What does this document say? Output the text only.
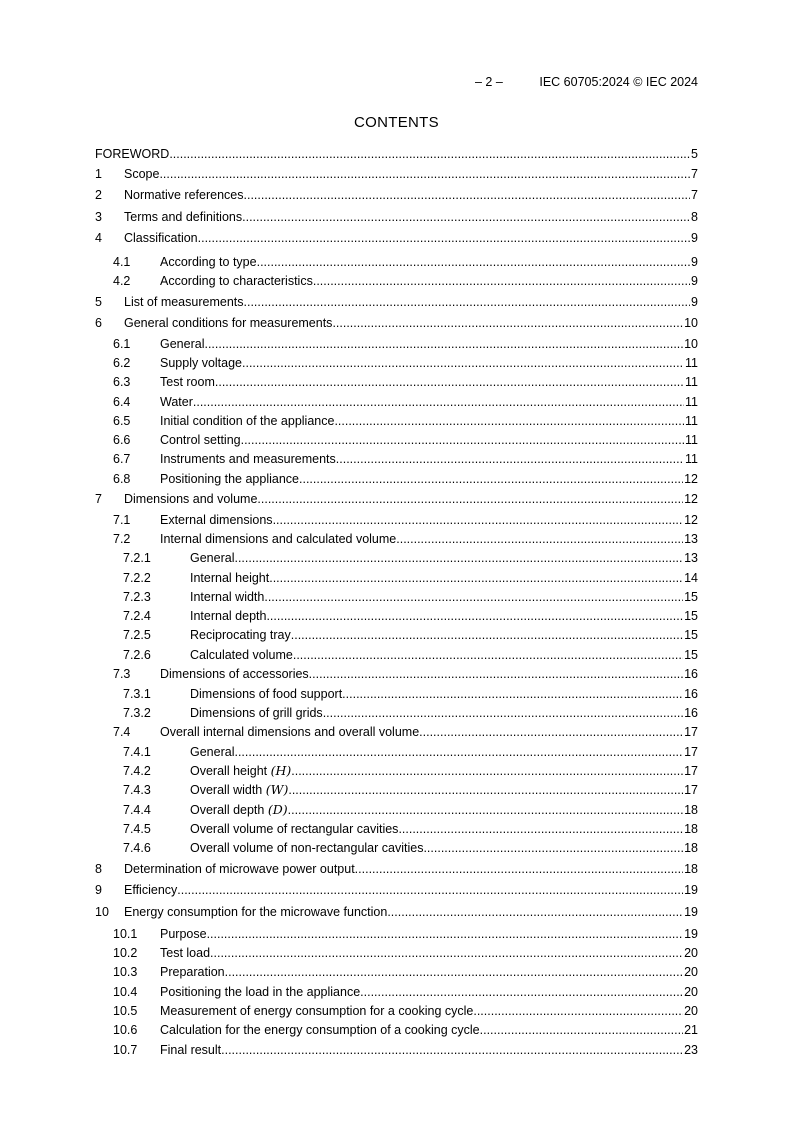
– 2 –	IEC 60705:2024 © IEC 2024
CONTENTS
FOREWORD .....	5
1 Scope .....	7
2 Normative references .....	7
3 Terms and definitions .....	8
4 Classification .....	9
4.1 According to type .....	9
4.2 According to characteristics .....	9
5 List of measurements .....	9
6 General conditions for measurements .....	10
6.1 General .....	10
6.2 Supply voltage .....	11
6.3 Test room .....	11
6.4 Water .....	11
6.5 Initial condition of the appliance .....	11
6.6 Control setting .....	11
6.7 Instruments and measurements .....	11
6.8 Positioning the appliance .....	12
7 Dimensions and volume .....	12
7.1 External dimensions .....	12
7.2 Internal dimensions and calculated volume .....	13
7.2.1	General .....	13
7.2.2	Internal height .....	14
7.2.3	Internal width .....	15
7.2.4	Internal depth .....	15
7.2.5	Reciprocating tray .....	15
7.2.6	Calculated volume .....	15
7.3 Dimensions of accessories .....	16
7.3.1	Dimensions of food support .....	16
7.3.2	Dimensions of grill grids .....	16
7.4 Overall internal dimensions and overall volume .....	17
7.4.1	General .....	17
7.4.2	Overall height (H) .....	17
7.4.3	Overall width (W) .....	17
7.4.4	Overall depth (D) .....	18
7.4.5	Overall volume of rectangular cavities .....	18
7.4.6	Overall volume of non-rectangular cavities .....	18
8 Determination of microwave power output .....	18
9 Efficiency .....	19
10 Energy consumption for the microwave function .....	19
10.1 Purpose .....	19
10.2 Test load .....	20
10.3 Preparation .....	20
10.4 Positioning the load in the appliance .....	20
10.5 Measurement of energy consumption for a cooking cycle .....	20
10.6 Calculation for the energy consumption of a cooking cycle .....	21
10.7 Final result .....	23
